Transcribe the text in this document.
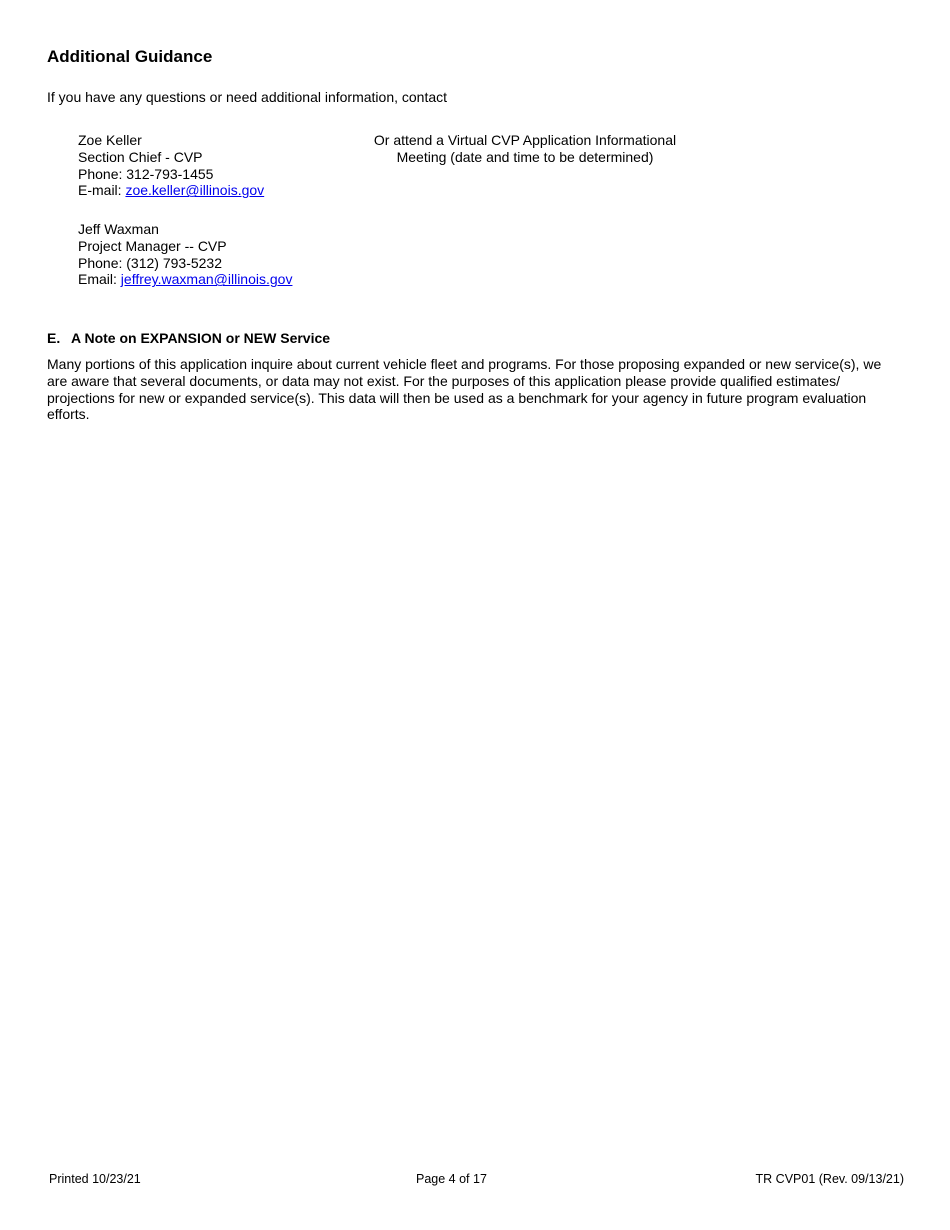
Additional Guidance
If you have any questions or need additional information, contact
Zoe Keller
Section Chief - CVP
Phone: 312-793-1455
E-mail: zoe.keller@illinois.gov
Or attend a Virtual CVP Application Informational
Meeting (date and time to be determined)
Jeff Waxman
Project Manager -- CVP
Phone: (312) 793-5232
Email: jeffrey.waxman@illinois.gov
E. A Note on EXPANSION or NEW Service
Many portions of this application inquire about current vehicle fleet and programs. For those proposing expanded or new service(s), we
are aware that several documents, or data may not exist. For the purposes of this application please provide qualified estimates/
projections for new or expanded service(s). This data will then be used as a benchmark for your agency in future program evaluation
efforts.
Printed 10/23/21	Page 4 of 17	TR CVP01 (Rev. 09/13/21)
